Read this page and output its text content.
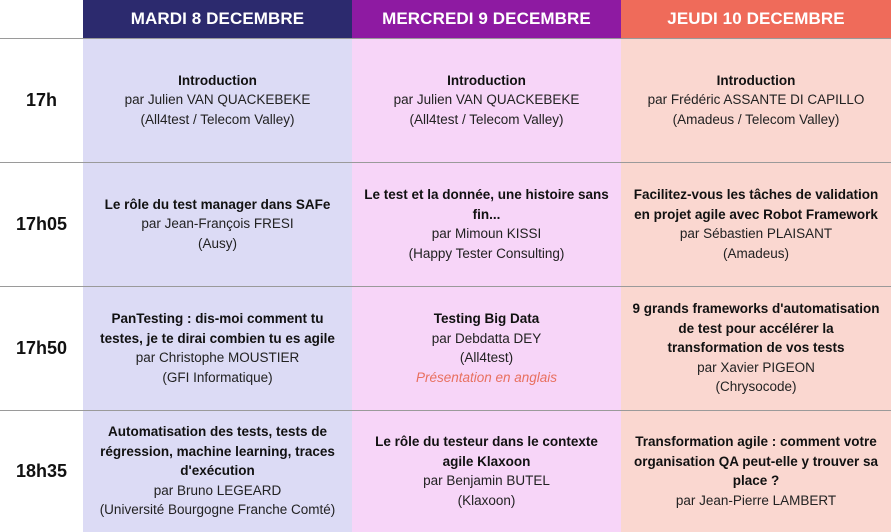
MARDI 8 DECEMBRE	MERCREDI 9 DECEMBRE	JEUDI 10 DECEMBRE
17h
Introduction
par Julien VAN QUACKEBEKE
(All4test / Telecom Valley)
Introduction
par Julien VAN QUACKEBEKE
(All4test / Telecom Valley)
Introduction
par Frédéric ASSANTE DI CAPILLO
(Amadeus / Telecom Valley)
17h05
Le rôle du test manager dans SAFe
par Jean-François FRESI
(Ausy)
Le test et la donnée, une histoire sans fin...
par Mimoun KISSI
(Happy Tester Consulting)
Facilitez-vous les tâches de validation en projet agile avec Robot Framework
par Sébastien PLAISANT
(Amadeus)
17h50
PanTesting : dis-moi comment tu testes, je te dirai combien tu es agile
par Christophe MOUSTIER
(GFI Informatique)
Testing Big Data
par Debdatta DEY
(All4test)
Présentation en anglais
9 grands frameworks d'automatisation de test pour accélérer la transformation de vos tests
par Xavier PIGEON
(Chrysocode)
18h35
Automatisation des tests, tests de régression, machine learning, traces d'exécution
par Bruno LEGEARD
(Université Bourgogne Franche Comté)
Le rôle du testeur dans le contexte agile Klaxoon
par Benjamin BUTEL
(Klaxoon)
Transformation agile : comment votre organisation QA peut-elle y trouver sa place ?
par Jean-Pierre LAMBERT
